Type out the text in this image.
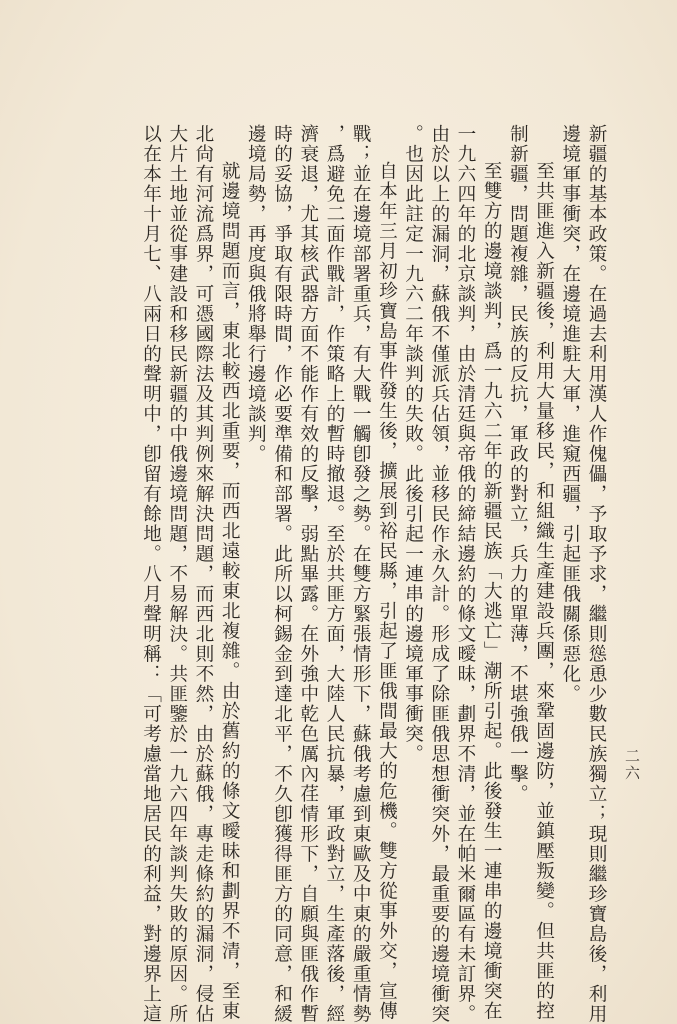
二六
新疆的基本政策。在過去利用漢人作傀儡，予取予求，繼則慫恿少數民族獨立；現則繼珍寶島後，利用
邊境軍事衝突，在邊境進駐大軍，進窺西疆，引起匪俄關係惡化。
至共匪進入新疆後，利用大量移民，和組織生產建設兵團，來鞏固邊防，並鎮壓叛變。但共匪的控
制新疆，問題複雜，民族的反抗，軍政的對立，兵力的單薄，不堪強俄一擊。
至雙方的邊境談判，爲一九六二年的新疆民族「大逃亡」潮所引起。此後發生一連串的邊境衝突在
一九六四年的北京談判，由於清廷與帝俄的締結邊約的條文曖昧，劃界不清，並在帕米爾區有未訂界。
由於以上的漏洞，蘇俄不僅派兵佔領，並移民作永久計。形成了除匪俄思想衝突外，最重要的邊境衝突
。也因此註定一九六二年談判的失敗。此後引起一連串的邊境軍事衝突。
自本年三月初珍寶島事件發生後，擴展到裕民縣，引起了匪俄間最大的危機。雙方從事外交，宣傳
戰；並在邊境部署重兵，有大戰一觸卽發之勢。在雙方緊張情形下，蘇俄考慮到東歐及中東的嚴重情勢
，爲避免二面作戰計，作策略上的暫時撤退。至於共匪方面，大陸人民抗暴，軍政對立，生產落後，經
濟衰退，尤其核武器方面不能作有效的反擊，弱點畢露。在外強中乾色厲內荏情形下，自願與匪俄作暫
時的妥協，爭取有限時間，作必要準備和部署。此所以柯錫金到達北平，不久卽獲得匪方的同意，和緩
邊境局勢，再度與俄將舉行邊境談判。
就邊境問題而言，東北較西北重要，而西北遠較東北複雜。由於舊約的條文曖昧和劃界不清，至東
北尙有河流爲界，可憑國際法及其判例來解決問題，而西北則不然，由於蘇俄，專走條約的漏洞，侵佔
大片土地並從事建設和移民新疆的中俄邊境問題，不易解決。共匪鑒於一九六四年談判失敗的原因。所
以在本年十月七、八兩日的聲明中，卽留有餘地。八月聲明稱：「可考慮當地居民的利益，對邊界上這
